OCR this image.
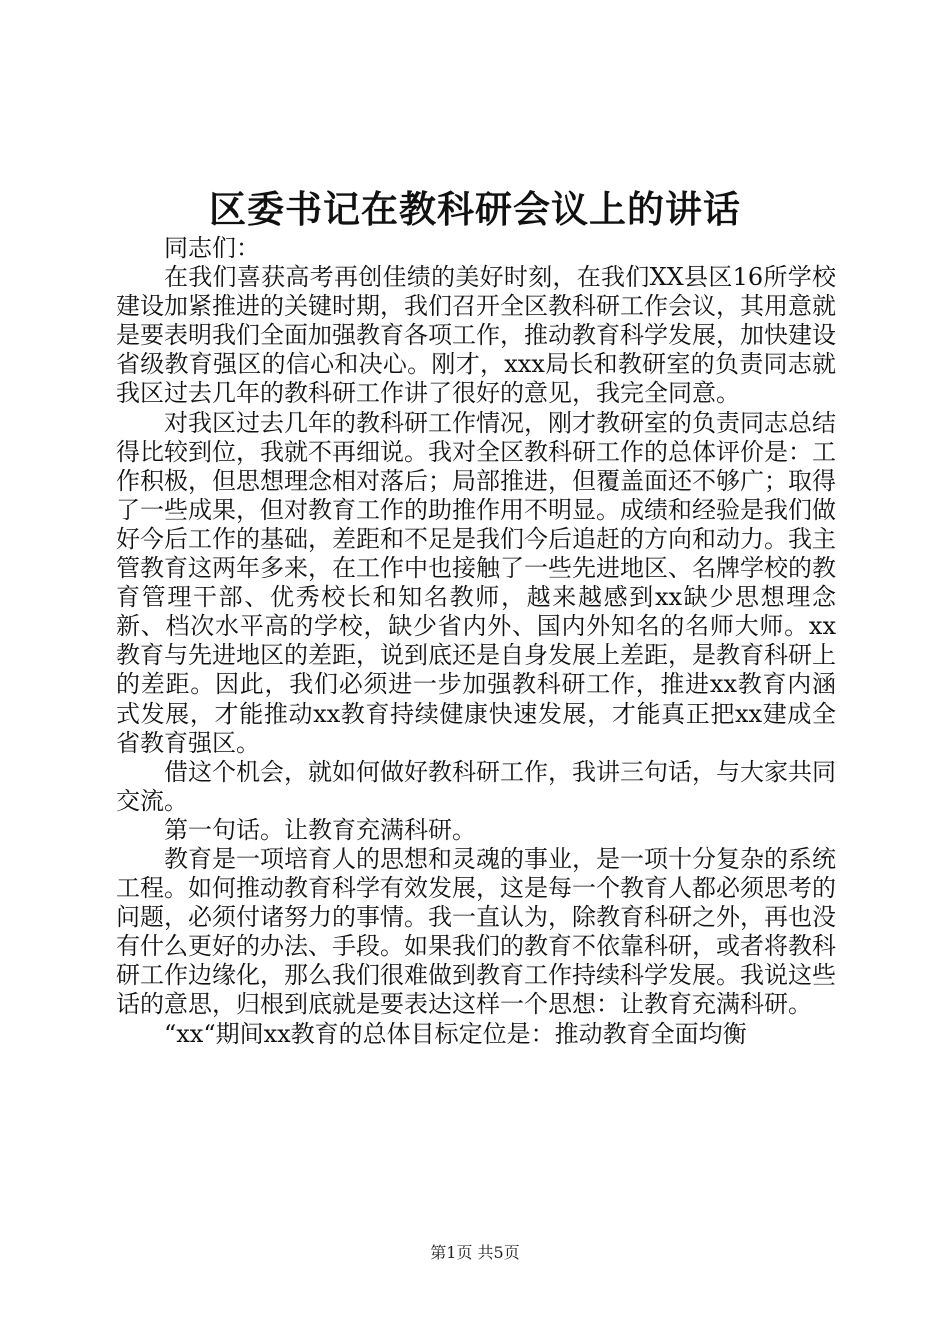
区委书记在教科研会议上的讲话

同志们：

在我们喜获高考再创佳绩的美好时刻，在我们XX县区16所学校建设加紧推进的关键时期，我们召开全区教科研工作会议，其用意就是要表明我们全面加强教育各项工作，推动教育科学发展，加快建设省级教育强区的信心和决心。刚才，xxx局长和教研室的负责同志就我区过去几年的教科研工作讲了很好的意见，我完全同意。

对我区过去几年的教科研工作情况，刚才教研室的负责同志总结得比较到位，我就不再细说。我对全区教科研工作的总体评价是：工作积极，但思想理念相对落后；局部推进，但覆盖面还不够广；取得了一些成果，但对教育工作的助推作用不明显。成绩和经验是我们做好今后工作的基础，差距和不足是我们今后追赶的方向和动力。我主管教育这两年多来，在工作中也接触了一些先进地区、名牌学校的教育管理干部、优秀校长和知名教师，越来越感到xx缺少思想理念新、档次水平高的学校，缺少省内外、国内外知名的名师大师。xx教育与先进地区的差距，说到底还是自身发展上差距，是教育科研上的差距。因此，我们必须进一步加强教科研工作，推进xx教育内涵式发展，才能推动xx教育持续健康快速发展，才能真正把xx建成全省教育强区。

借这个机会，就如何做好教科研工作，我讲三句话，与大家共同交流。

第一句话。让教育充满科研。

教育是一项培育人的思想和灵魂的事业，是一项十分复杂的系统工程。如何推动教育科学有效发展，这是每一个教育人都必须思考的问题，必须付诸努力的事情。我一直认为，除教育科研之外，再也没有什么更好的办法、手段。如果我们的教育不依靠科研，或者将教科研工作边缘化，那么我们很难做到教育工作持续科学发展。我说这些话的意思，归根到底就是要表达这样一个思想：让教育充满科研。

“xx“期间xx教育的总体目标定位是：推动教育全面均衡

第1页 共5页
